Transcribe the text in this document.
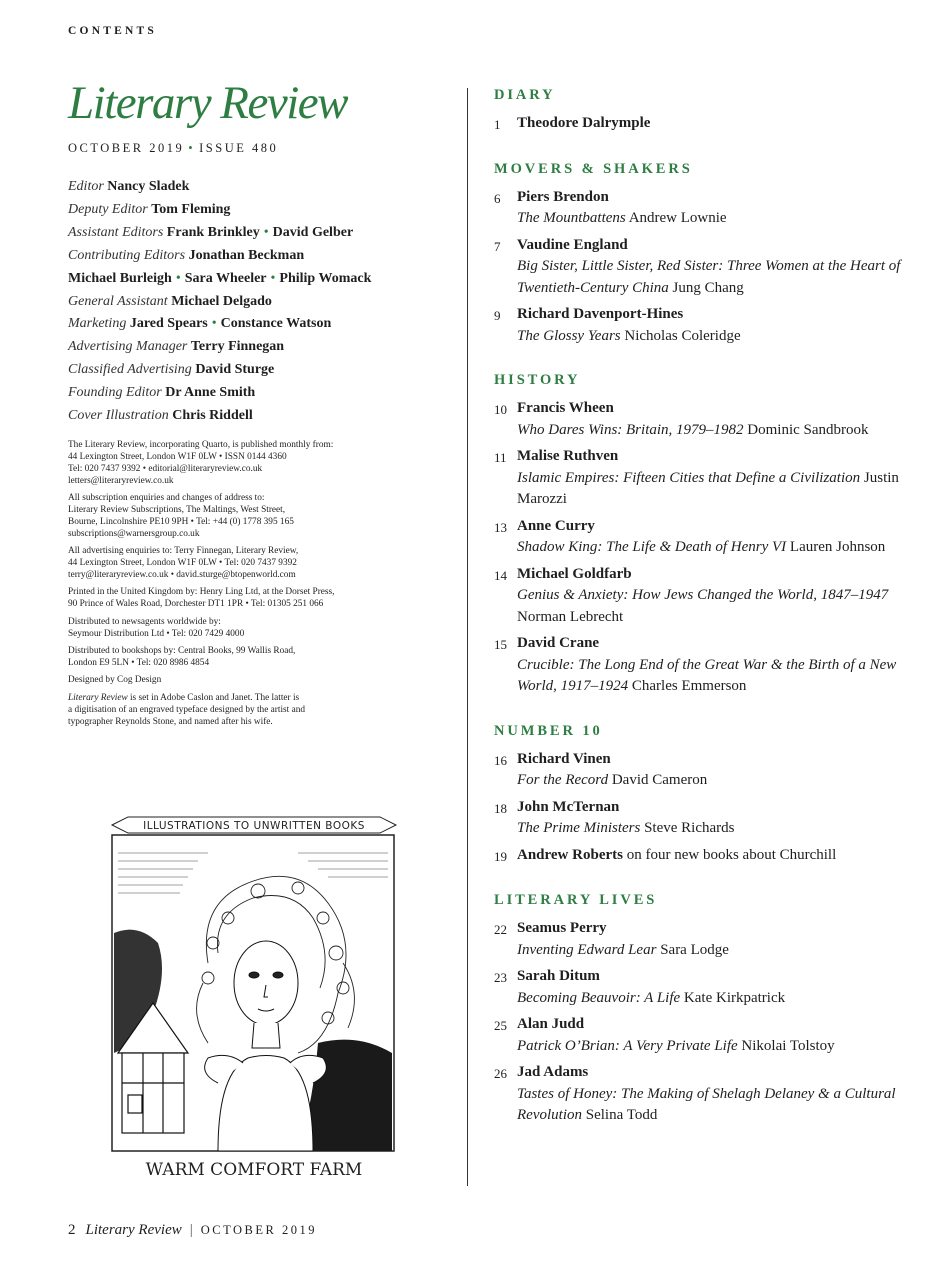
CONTENTS
Literary Review
OCTOBER 2019 • ISSUE 480
Editor Nancy Sladek
Deputy Editor Tom Fleming
Assistant Editors Frank Brinkley • David Gelber
Contributing Editors Jonathan Beckman
Michael Burleigh • Sara Wheeler • Philip Womack
General Assistant Michael Delgado
Marketing Jared Spears • Constance Watson
Advertising Manager Terry Finnegan
Classified Advertising David Sturge
Founding Editor Dr Anne Smith
Cover Illustration Chris Riddell

The Literary Review, incorporating Quarto, is published monthly from:
44 Lexington Street, London W1F 0LW • ISSN 0144 4360
Tel: 020 7437 9392 • editorial@literaryreview.co.uk
letters@literaryreview.co.uk

All subscription enquiries and changes of address to:
Literary Review Subscriptions, The Maltings, West Street,
Bourne, Lincolnshire PE10 9PH • Tel: +44 (0) 1778 395 165
subscriptions@warnersgroup.co.uk

All advertising enquiries to: Terry Finnegan, Literary Review,
44 Lexington Street, London W1F 0LW • Tel: 020 7437 9392
terry@literaryreview.co.uk • david.sturge@btopenworld.com

Printed in the United Kingdom by: Henry Ling Ltd, at the Dorset Press,
90 Prince of Wales Road, Dorchester DT1 1PR • Tel: 01305 251 066

Distributed to newsagents worldwide by:
Seymour Distribution Ltd • Tel: 020 7429 4000

Distributed to bookshops by: Central Books, 99 Wallis Road,
London E9 5LN • Tel: 020 8986 4854

Designed by Cog Design

Literary Review is set in Adobe Caslon and Janet. The latter is
a digitisation of an engraved typeface designed by the artist and
typographer Reynolds Stone, and named after his wife.

ILLUSTRATIONS TO UNWRITTEN BOOKS
WARM COMFORT FARM
DIARY
1	Theodore Dalrymple
MOVERS & SHAKERS
6	Piers Brendon
The Mountbattens Andrew Lownie
7	Vaudine England
Big Sister, Little Sister, Red Sister: Three Women at the Heart of Twentieth-Century China Jung Chang
9	Richard Davenport-Hines
The Glossy Years Nicholas Coleridge
HISTORY
10 Francis Wheen
Who Dares Wins: Britain, 1979–1982 Dominic Sandbrook
11 Malise Ruthven
Islamic Empires: Fifteen Cities that Define a Civilization Justin Marozzi
13 Anne Curry
Shadow King: The Life & Death of Henry VI Lauren Johnson
14 Michael Goldfarb
Genius & Anxiety: How Jews Changed the World, 1847–1947 Norman Lebrecht
15 David Crane
Crucible: The Long End of the Great War & the Birth of a New World, 1917–1924 Charles Emmerson
NUMBER 10
16 Richard Vinen
For the Record David Cameron
18 John McTernan
The Prime Ministers Steve Richards
19 Andrew Roberts on four new books about Churchill
LITERARY LIVES
22 Seamus Perry
Inventing Edward Lear Sara Lodge
23 Sarah Ditum
Becoming Beauvoir: A Life Kate Kirkpatrick
25 Alan Judd
Patrick O’Brian: A Very Private Life Nikolai Tolstoy
26 Jad Adams
Tastes of Honey: The Making of Shelagh Delaney & a Cultural Revolution Selina Todd
2 Literary Review | OCTOBER 2019
